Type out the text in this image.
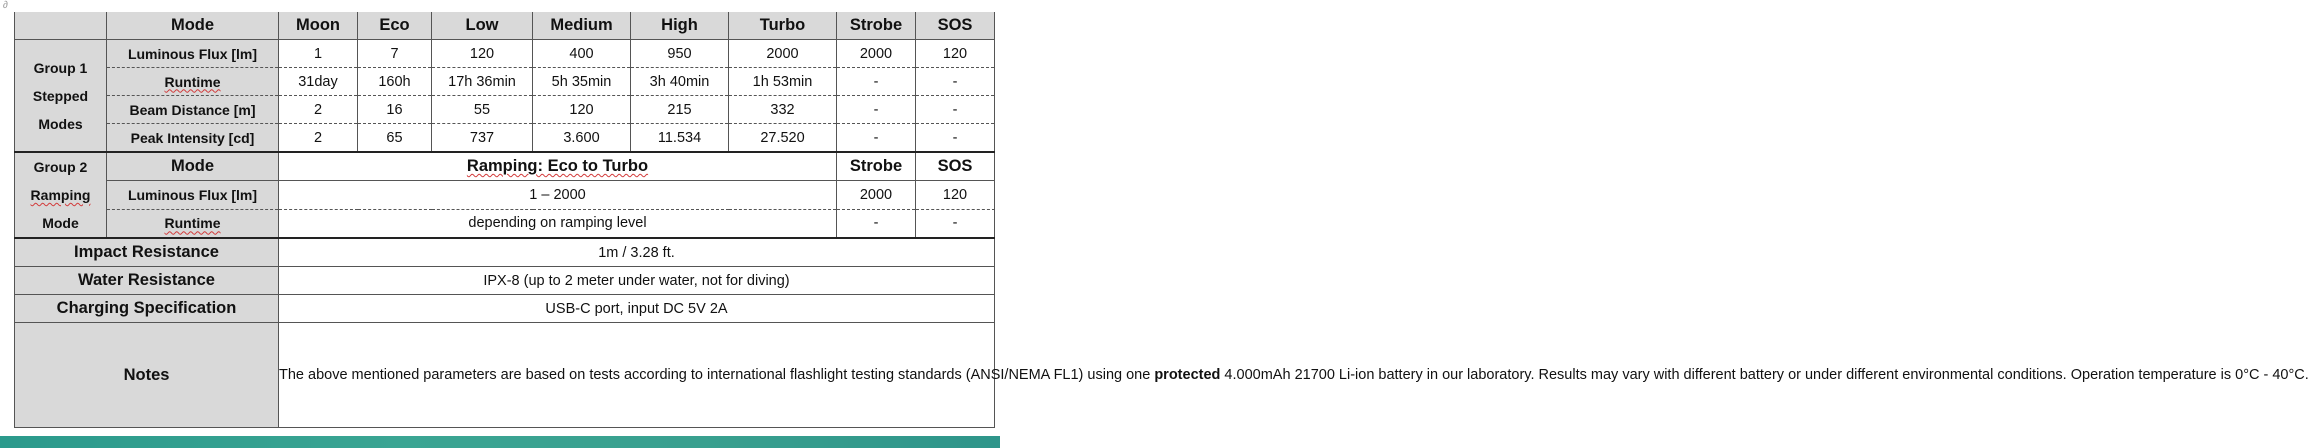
∂
	Mode	Moon	Eco	Low	Medium	High	Turbo	Strobe	SOS

Group 1
Stepped
Modes	Luminous Flux [lm]	1	7	120	400	950	2000	2000	120
	Runtime	31day	160h	17h 36min	5h 35min	3h 40min	1h 53min	-	-
	Beam Distance [m]	2	16	55	120	215	332	-	-
	Peak Intensity [cd]	2	65	737	3.600	11.534	27.520	-	-

Group 2
Ramping
Mode	Mode	Ramping: Eco to Turbo						Strobe	SOS
	Luminous Flux [lm]	1 – 2000						2000	120
	Runtime	depending on ramping level						-	-
Impact Resistance		1m / 3.28 ft.							
Water Resistance		IPX-8 (up to 2 meter under water, not for diving)							
Charging Specification		USB-C port, input DC 5V 2A							
Notes		The above mentioned parameters are based on tests according to international flashlight testing standards (ANSI/NEMA FL1) using one protected 4.000mAh 21700 Li-ion battery in our laboratory. Results may vary with different battery or under different environmental conditions. Operation temperature is 0°C - 40°C.							
